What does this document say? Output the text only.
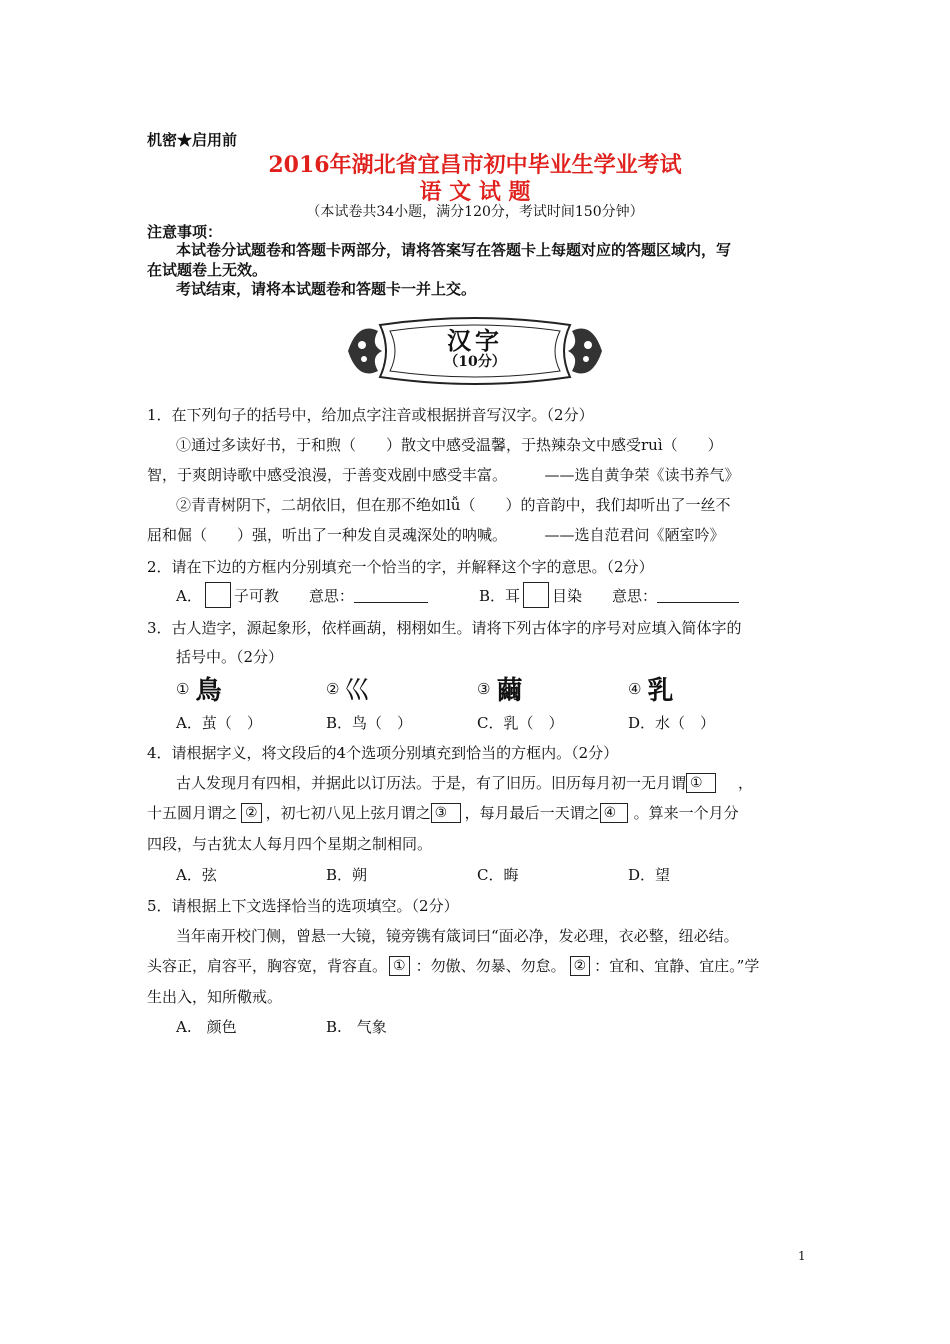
机密★启用前
2016年湖北省宜昌市初中毕业生学业考试
语 文 试 题
（本试卷共34小题，满分120分，考试时间150分钟）
注意事项：
本试卷分试题卷和答题卡两部分，请将答案写在答题卡上每题对应的答题区域内，写
在试题卷上无效。
考试结束，请将本试题卷和答题卡一并上交。
汉字
（10分）
1．在下列句子的括号中，给加点字注音或根据拼音写汉字。（2分）
①通过多读好书，于和煦（　　）散文中感受温馨，于热辣杂文中感受ruì（　　）
智，于爽朗诗歌中感受浪漫，于善变戏剧中感受丰富。　　　——选自黄争荣《读书养气》
②青青树阴下，二胡依旧，但在那不绝如lǚ（　　）的音韵中，我们却听出了一丝不
屈和倔（　　）强，听出了一种发自灵魂深处的呐喊。　　　——选自范君问《陋室吟》
2．请在下边的方框内分别填充一个恰当的字，并解释这个字的意思。（2分）
A． 子可教　　意思：	B．耳 目染　　意思：
3．古人造字，源起象形，依样画葫，栩栩如生。请将下列古体字的序号对应填入简体字的
括号中。（2分）
① 鳥	② 巛	③ 繭	④ 乳
A．茧（　）	B．鸟（　）	C．乳（　）	D．水（　）
4．请根据字义，将文段后的4个选项分别填充到恰当的方框内。（2分）
古人发现月有四相，并据此以订历法。于是，有了旧历。旧历每月初一无月谓 ①	，
十五圆月谓之 ② ，初七初八见上弦月谓之 ③	，每月最后一天谓之 ④	。算来一个月分
四段，与古犹太人每月四个星期之制相同。
A．弦	B．朔	C．晦	D．望
5．请根据上下文选择恰当的选项填空。（2分）
当年南开校门侧，曾悬一大镜，镜旁镌有箴词曰“面必净，发必理，衣必整，纽必结。
头容正，肩容平，胸容宽，背容直。 ① ：勿傲、勿暴、勿怠。 ② ：宜和、宜静、宜庄。”学
生出入，知所儆戒。
A.　颜色	B.　气象
1
